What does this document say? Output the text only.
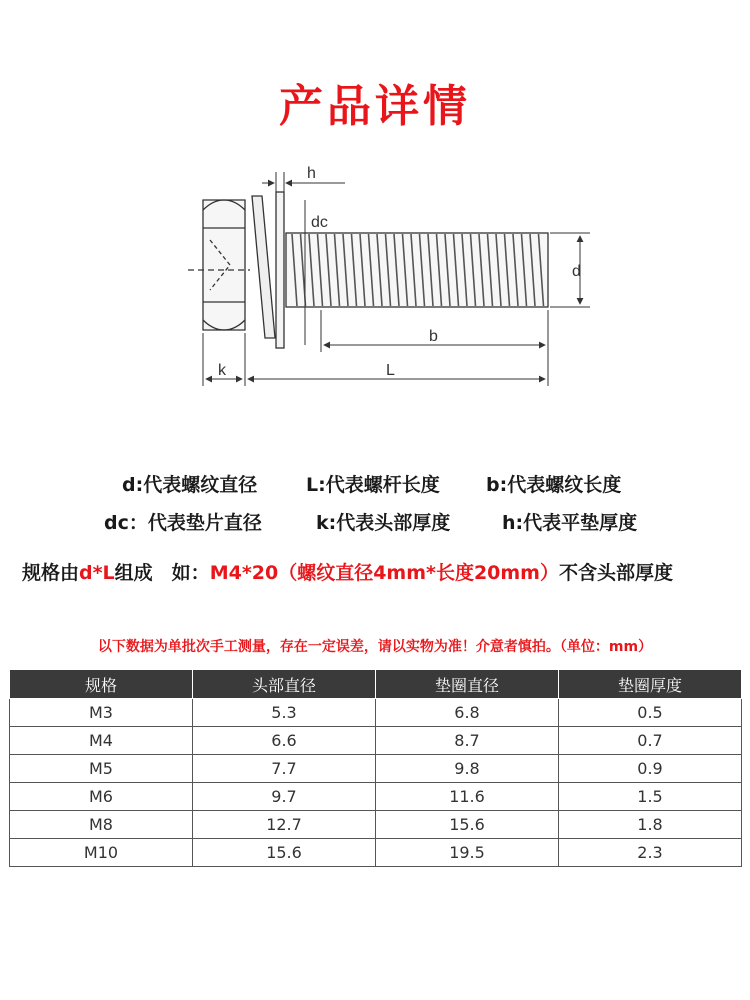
产品详情
h
dc
d
b
k	L
d:代表螺纹直径	L:代表螺杆长度 b:代表螺纹长度
dc：代表垫片直径	k:代表头部厚度	h:代表平垫厚度
规格由d*L组成　如：M4*20（螺纹直径4mm*长度20mm）不含头部厚度
以下数据为单批次手工测量，存在一定误差，请以实物为准！介意者慎拍。（单位：mm）
规格	头部直径	垫圈直径	垫圈厚度
M3	5.3	6.8	0.5
M4	6.6	8.7	0.7
M5	7.7	9.8	0.9
M6	9.7	11.6	1.5
M8	12.7	15.6	1.8
M10	15.6	19.5	2.3
